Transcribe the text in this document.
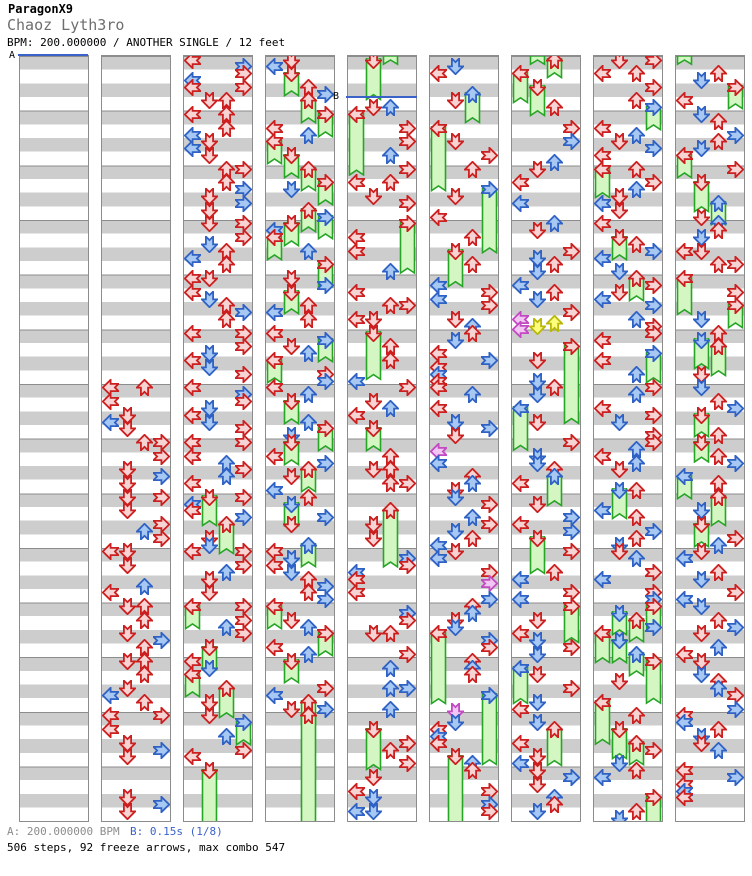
ParagonX9
Chaoz Lyth3ro
BPM: 200.000000 / ANOTHER SINGLE / 12 feet
A
B
A: 200.000000 BPM B: 0.15s (1/8)
506 steps, 92 freeze arrows, max combo 547
